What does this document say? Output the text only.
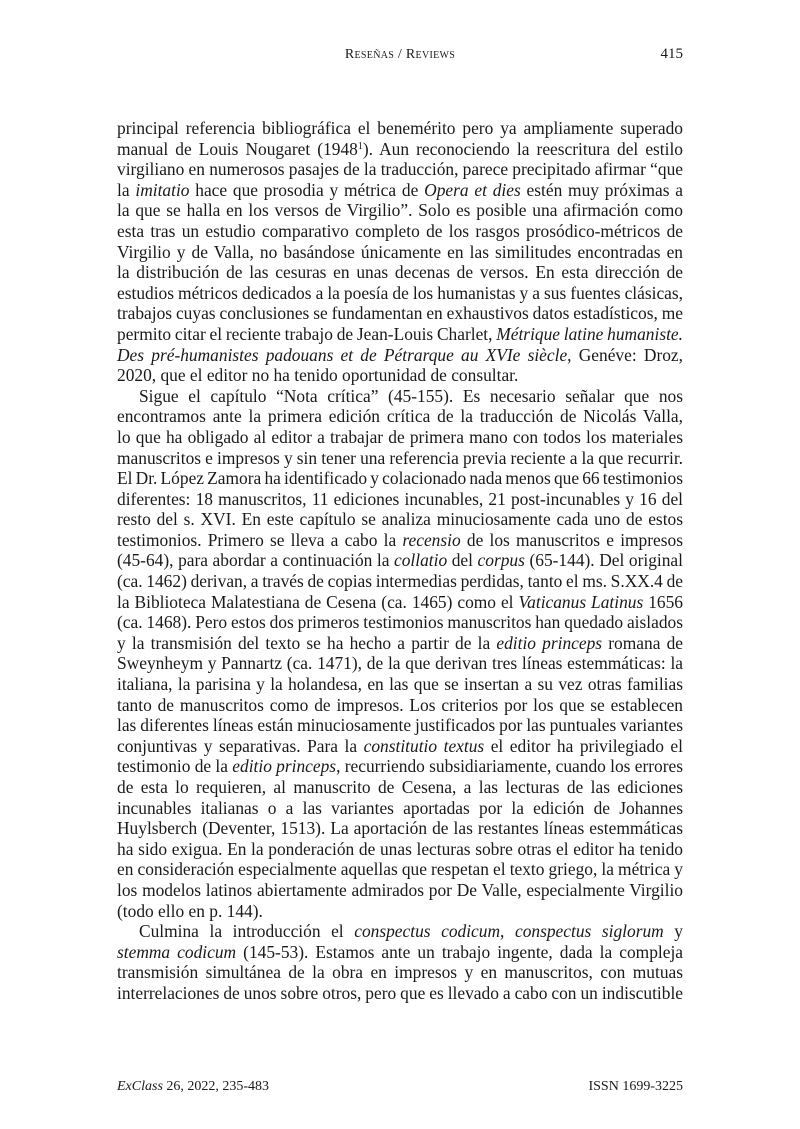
Reseñas / Reviews	415
principal referencia bibliográfica el benemérito pero ya ampliamente superado
manual de Louis Nougaret (1948$^1$). Aun reconociendo la reescritura del estilo
virgiliano en numerosos pasajes de la traducción, parece precipitado afirmar “que
la imitatio hace que prosodia y métrica de Opera et dies estén muy próximas a
la que se halla en los versos de Virgilio”. Solo es posible una afirmación como
esta tras un estudio comparativo completo de los rasgos prosódico-métricos de
Virgilio y de Valla, no basándose únicamente en las similitudes encontradas en
la distribución de las cesuras en unas decenas de versos. En esta dirección de
estudios métricos dedicados a la poesía de los humanistas y a sus fuentes clásicas,
trabajos cuyas conclusiones se fundamentan en exhaustivos datos estadísticos, me
permito citar el reciente trabajo de Jean-Louis Charlet, Métrique latine humaniste.
Des pré-humanistes padouans et de Pétrarque au XVIe siècle, Genéve: Droz,
2020, que el editor no ha tenido oportunidad de consultar.
Sigue el capítulo “Nota crítica” (45-155). Es necesario señalar que nos
encontramos ante la primera edición crítica de la traducción de Nicolás Valla,
lo que ha obligado al editor a trabajar de primera mano con todos los materiales
manuscritos e impresos y sin tener una referencia previa reciente a la que recurrir.
El Dr. López Zamora ha identificado y colacionado nada menos que 66 testimonios
diferentes: 18 manuscritos, 11 ediciones incunables, 21 post-incunables y 16 del
resto del s. XVI. En este capítulo se analiza minuciosamente cada uno de estos
testimonios. Primero se lleva a cabo la recensio de los manuscritos e impresos
(45-64), para abordar a continuación la collatio del corpus (65-144). Del original
(ca. 1462) derivan, a través de copias intermedias perdidas, tanto el ms. S.XX.4 de
la Biblioteca Malatestiana de Cesena (ca. 1465) como el Vaticanus Latinus 1656
(ca. 1468). Pero estos dos primeros testimonios manuscritos han quedado aislados
y la transmisión del texto se ha hecho a partir de la editio princeps romana de
Sweynheym y Pannartz (ca. 1471), de la que derivan tres líneas estemmáticas: la
italiana, la parisina y la holandesa, en las que se insertan a su vez otras familias
tanto de manuscritos como de impresos. Los criterios por los que se establecen
las diferentes líneas están minuciosamente justificados por las puntuales variantes
conjuntivas y separativas. Para la constitutio textus el editor ha privilegiado el
testimonio de la editio princeps, recurriendo subsidiariamente, cuando los errores
de esta lo requieren, al manuscrito de Cesena, a las lecturas de las ediciones
incunables italianas o a las variantes aportadas por la edición de Johannes
Huylsberch (Deventer, 1513). La aportación de las restantes líneas estemmáticas
ha sido exigua. En la ponderación de unas lecturas sobre otras el editor ha tenido
en consideración especialmente aquellas que respetan el texto griego, la métrica y
los modelos latinos abiertamente admirados por De Valle, especialmente Virgilio
(todo ello en p. 144).
Culmina la introducción el conspectus codicum, conspectus siglorum y
stemma codicum (145-53). Estamos ante un trabajo ingente, dada la compleja
transmisión simultánea de la obra en impresos y en manuscritos, con mutuas
interrelaciones de unos sobre otros, pero que es llevado a cabo con un indiscutible
ExClass 26, 2022, 235-483	ISSN 1699-3225
